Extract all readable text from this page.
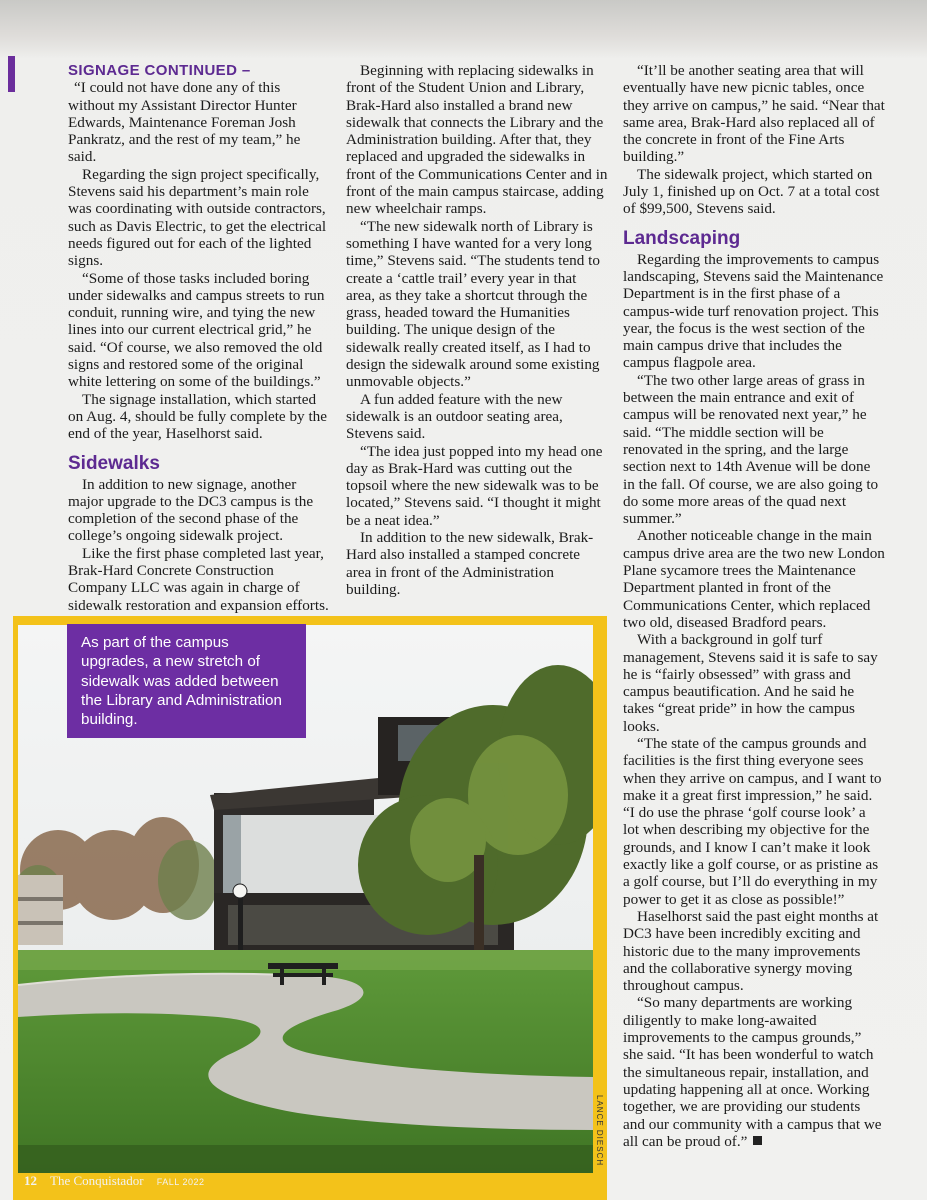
SIGNAGE CONTINUED –

“I could not have done any of this without my Assistant Director Hunter Edwards, Maintenance Foreman Josh Pankratz, and the rest of my team,” he said.

Regarding the sign project specifically, Stevens said his department’s main role was coordinating with outside contractors, such as Davis Electric, to get the electrical needs figured out for each of the lighted signs.

“Some of those tasks included boring under sidewalks and campus streets to run conduit, running wire, and tying the new lines into our current electrical grid,” he said. “Of course, we also removed the old signs and restored some of the original white lettering on some of the buildings.”

The signage installation, which started on Aug. 4, should be fully complete by the end of the year, Haselhorst said.

Sidewalks

In addition to new signage, another major upgrade to the DC3 campus is the completion of the second phase of the college’s ongoing sidewalk project.

Like the first phase completed last year, Brak-Hard Concrete Construction Company LLC was again in charge of sidewalk restoration and expansion efforts.

Beginning with replacing sidewalks in front of the Student Union and Library, Brak-Hard also installed a brand new sidewalk that connects the Library and the Administration building. After that, they replaced and upgraded the sidewalks in front of the Communications Center and in front of the main campus staircase, adding new wheelchair ramps.

“The new sidewalk north of Library is something I have wanted for a very long time,” Stevens said. “The students tend to create a ‘cattle trail’ every year in that area, as they take a shortcut through the grass, headed toward the Humanities building. The unique design of the sidewalk really created itself, as I had to design the sidewalk around some existing unmovable objects.”

A fun added feature with the new sidewalk is an outdoor seating area, Stevens said.

“The idea just popped into my head one day as Brak-Hard was cutting out the topsoil where the new sidewalk was to be located,” Stevens said. “I thought it might be a neat idea.”

In addition to the new sidewalk, Brak-Hard also installed a stamped concrete area in front of the Administration building.

“It’ll be another seating area that will eventually have new picnic tables, once they arrive on campus,” he said. “Near that same area, Brak-Hard also replaced all of the concrete in front of the Fine Arts building.”

The sidewalk project, which started on July 1, finished up on Oct. 7 at a total cost of $99,500, Stevens said.

Landscaping

Regarding the improvements to campus landscaping, Stevens said the Maintenance Department is in the first phase of a campus-wide turf renovation project. This year, the focus is the west section of the main campus drive that includes the campus flagpole area.

“The two other large areas of grass in between the main entrance and exit of campus will be renovated next year,” he said. “The middle section will be renovated in the spring, and the large section next to 14th Avenue will be done in the fall. Of course, we are also going to do some more areas of the quad next summer.”

Another noticeable change in the main campus drive area are the two new London Plane sycamore trees the Maintenance Department planted in front of the Communications Center, which replaced two old, diseased Bradford pears.

With a background in golf turf management, Stevens said it is safe to say he is “fairly obsessed” with grass and campus beautification. And he said he takes “great pride” in how the campus looks.

“The state of the campus grounds and facilities is the first thing everyone sees when they arrive on campus, and I want to make it a great first impression,” he said. “I do use the phrase ‘golf course look’ a lot when describing my objective for the grounds, and I know I can’t make it look exactly like a golf course, or as pristine as a golf course, but I’ll do everything in my power to get it as close as possible!”

Haselhorst said the past eight months at DC3 have been incredibly exciting and historic due to the many improvements and the collaborative synergy moving throughout campus.

“So many departments are working diligently to make long-awaited improvements to the campus grounds,” she said. “It has been wonderful to watch the simultaneous repair, installation, and updating happening all at once. Working together, we are providing our students and our community with a campus that we all can be proud of.”

As part of the campus upgrades, a new stretch of sidewalk was added between the Library and Administration building.
LANCE DIESCH
12 The Conquistador FALL 2022
